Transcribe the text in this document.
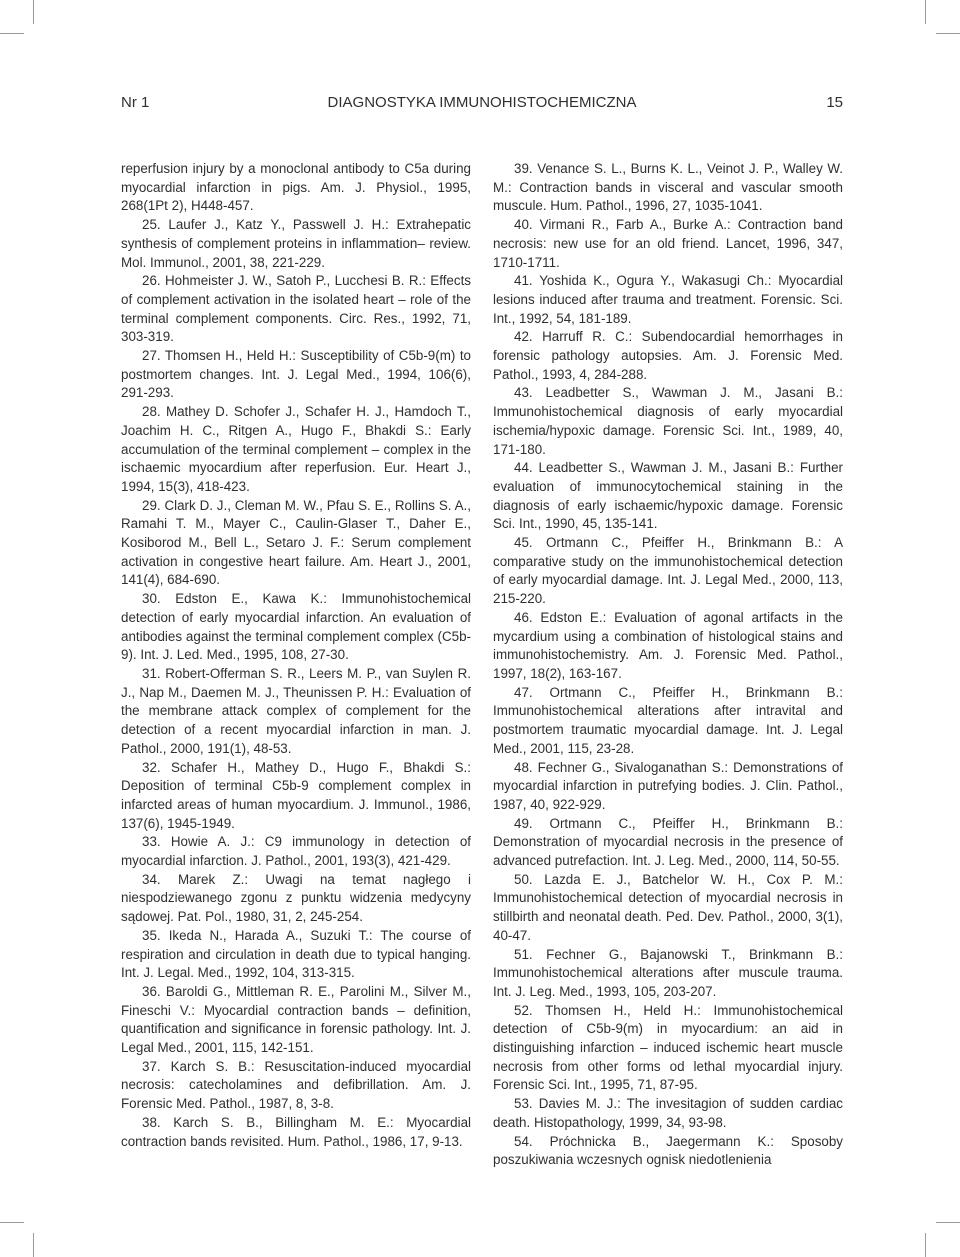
Nr 1	DIAGNOSTYKA IMMUNOHISTOCHEMICZNA	15

reperfusion injury by a monoclonal antibody to C5a during myocardial infarction in pigs. Am. J. Physiol., 1995, 268(1Pt 2), H448-457.

25. Laufer J., Katz Y., Passwell J. H.: Extrahepatic synthesis of complement proteins in inflammation– review. Mol. Immunol., 2001, 38, 221-229.

26. Hohmeister J. W., Satoh P., Lucchesi B. R.: Effects of complement activation in the isolated heart – role of the terminal complement components. Circ. Res., 1992, 71, 303-319.

27. Thomsen H., Held H.: Susceptibility of C5b-9(m) to postmortem changes. Int. J. Legal Med., 1994, 106(6), 291-293.

28. Mathey D. Schofer J., Schafer H. J., Hamdoch T., Joachim H. C., Ritgen A., Hugo F., Bhakdi S.: Early accumulation of the terminal complement – complex in the ischaemic myocardium after reperfusion. Eur. Heart J., 1994, 15(3), 418-423.

29. Clark D. J., Cleman M. W., Pfau S. E., Rollins S. A., Ramahi T. M., Mayer C., Caulin-Glaser T., Daher E., Kosiborod M., Bell L., Setaro J. F.: Serum complement activation in congestive heart failure. Am. Heart J., 2001, 141(4), 684-690.

30. Edston E., Kawa K.: Immunohistochemical detection of early myocardial infarction. An evaluation of antibodies against the terminal complement complex (C5b-9). Int. J. Led. Med., 1995, 108, 27-30.

31. Robert-Offerman S. R., Leers M. P., van Suylen R. J., Nap M., Daemen M. J., Theunissen P. H.: Evaluation of the membrane attack complex of complement for the detection of a recent myocardial infarction in man. J. Pathol., 2000, 191(1), 48-53.

32. Schafer H., Mathey D., Hugo F., Bhakdi S.: Deposition of terminal C5b-9 complement complex in infarcted areas of human myocardium. J. Immunol., 1986, 137(6), 1945-1949.

33. Howie A. J.: C9 immunology in detection of myocardial infarction. J. Pathol., 2001, 193(3), 421-429.

34. Marek Z.: Uwagi na temat nagłego i niespodziewanego zgonu z punktu widzenia medycyny sądowej. Pat. Pol., 1980, 31, 2, 245-254.

35. Ikeda N., Harada A., Suzuki T.: The course of respiration and circulation in death due to typical hanging. Int. J. Legal. Med., 1992, 104, 313-315.

36. Baroldi G., Mittleman R. E., Parolini M., Silver M., Fineschi V.: Myocardial contraction bands – definition, quantification and significance in forensic pathology. Int. J. Legal Med., 2001, 115, 142-151.

37. Karch S. B.: Resuscitation-induced myocardial necrosis: catecholamines and defibrillation. Am. J. Forensic Med. Pathol., 1987, 8, 3-8.

38. Karch S. B., Billingham M. E.: Myocardial contraction bands revisited. Hum. Pathol., 1986, 17, 9-13.

39. Venance S. L., Burns K. L., Veinot J. P., Walley W. M.: Contraction bands in visceral and vascular smooth muscule. Hum. Pathol., 1996, 27, 1035-1041.

40. Virmani R., Farb A., Burke A.: Contraction band necrosis: new use for an old friend. Lancet, 1996, 347, 1710-1711.

41. Yoshida K., Ogura Y., Wakasugi Ch.: Myocardial lesions induced after trauma and treatment. Forensic. Sci. Int., 1992, 54, 181-189.

42. Harruff R. C.: Subendocardial hemorrhages in forensic pathology autopsies. Am. J. Forensic Med. Pathol., 1993, 4, 284-288.

43. Leadbetter S., Wawman J. M., Jasani B.: Immunohistochemical diagnosis of early myocardial ischemia/hypoxic damage. Forensic Sci. Int., 1989, 40, 171-180.

44. Leadbetter S., Wawman J. M., Jasani B.: Further evaluation of immunocytochemical staining in the diagnosis of early ischaemic/hypoxic damage. Forensic Sci. Int., 1990, 45, 135-141.

45. Ortmann C., Pfeiffer H., Brinkmann B.: A comparative study on the immunohistochemical detection of early myocardial damage. Int. J. Legal Med., 2000, 113, 215-220.

46. Edston E.: Evaluation of agonal artifacts in the mycardium using a combination of histological stains and immunohistochemistry. Am. J. Forensic Med. Pathol., 1997, 18(2), 163-167.

47. Ortmann C., Pfeiffer H., Brinkmann B.: Immunohistochemical alterations after intravital and postmortem traumatic myocardial damage. Int. J. Legal Med., 2001, 115, 23-28.

48. Fechner G., Sivaloganathan S.: Demonstrations of myocardial infarction in putrefying bodies. J. Clin. Pathol., 1987, 40, 922-929.

49. Ortmann C., Pfeiffer H., Brinkmann B.: Demonstration of myocardial necrosis in the presence of advanced putrefaction. Int. J. Leg. Med., 2000, 114, 50-55.

50. Lazda E. J., Batchelor W. H., Cox P. M.: Immunohistochemical detection of myocardial necrosis in stillbirth and neonatal death. Ped. Dev. Pathol., 2000, 3(1), 40-47.

51. Fechner G., Bajanowski T., Brinkmann B.: Immunohistochemical alterations after muscule trauma. Int. J. Leg. Med., 1993, 105, 203-207.

52. Thomsen H., Held H.: Immunohistochemical detection of C5b-9(m) in myocardium: an aid in distinguishing infarction – induced ischemic heart muscle necrosis from other forms od lethal myocardial injury. Forensic Sci. Int., 1995, 71, 87-95.

53. Davies M. J.: The invesitagion of sudden cardiac death. Histopathology, 1999, 34, 93-98.

54. Próchnicka B., Jaegermann K.: Sposoby poszukiwania wczesnych ognisk niedotlenienia
